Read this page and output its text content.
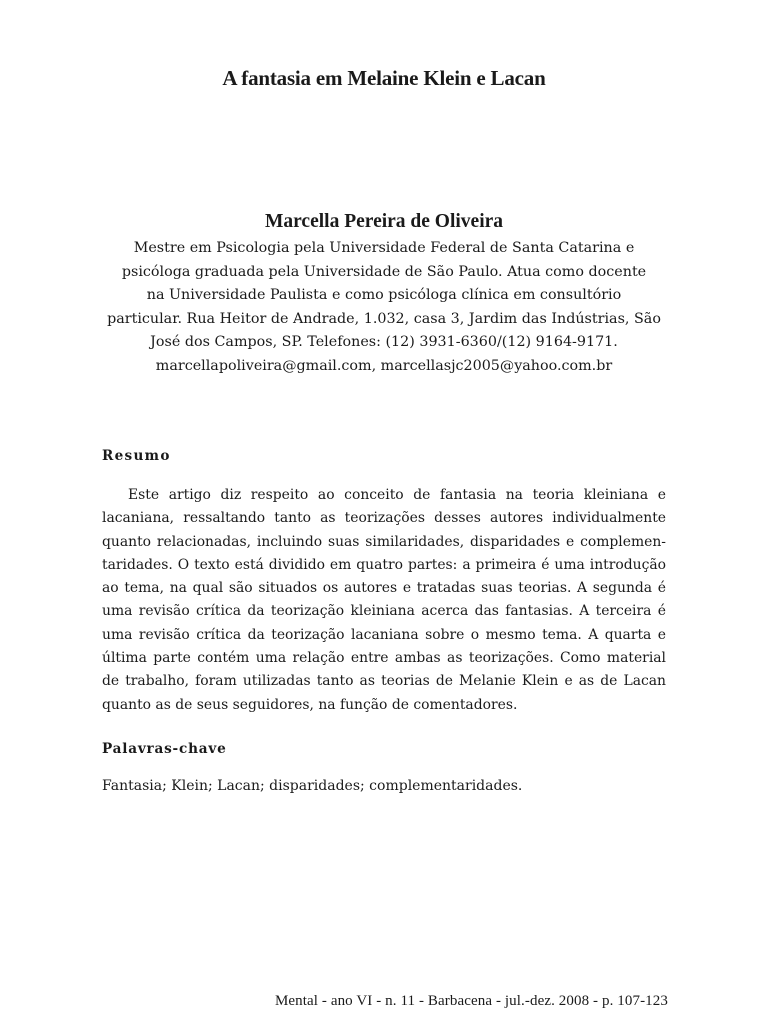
A fantasia em Melaine Klein e Lacan
Marcella Pereira de Oliveira
Mestre em Psicologia pela Universidade Federal de Santa Catarina e
psicóloga graduada pela Universidade de São Paulo. Atua como docente
na Universidade Paulista e como psicóloga clínica em consultório
particular. Rua Heitor de Andrade, 1.032, casa 3, Jardim das Indústrias, São
José dos Campos, SP. Telefones: (12) 3931-6360/(12) 9164-9171.
marcellapoliveira@gmail.com, marcellasjc2005@yahoo.com.br
Resumo
Este artigo diz respeito ao conceito de fantasia na teoria kleiniana e
lacaniana, ressaltando tanto as teorizações desses autores individualmente
quanto relacionadas, incluindo suas similaridades, disparidades e complemen-
taridades. O texto está dividido em quatro partes: a primeira é uma introdução
ao tema, na qual são situados os autores e tratadas suas teorias. A segunda é
uma revisão crítica da teorização kleiniana acerca das fantasias. A terceira é
uma revisão crítica da teorização lacaniana sobre o mesmo tema. A quarta e
última parte contém uma relação entre ambas as teorizações. Como material
de trabalho, foram utilizadas tanto as teorias de Melanie Klein e as de Lacan
quanto as de seus seguidores, na função de comentadores.
Palavras-chave
Fantasia; Klein; Lacan; disparidades; complementaridades.
Mental - ano VI - n. 11 - Barbacena - jul.-dez. 2008 - p. 107-123
